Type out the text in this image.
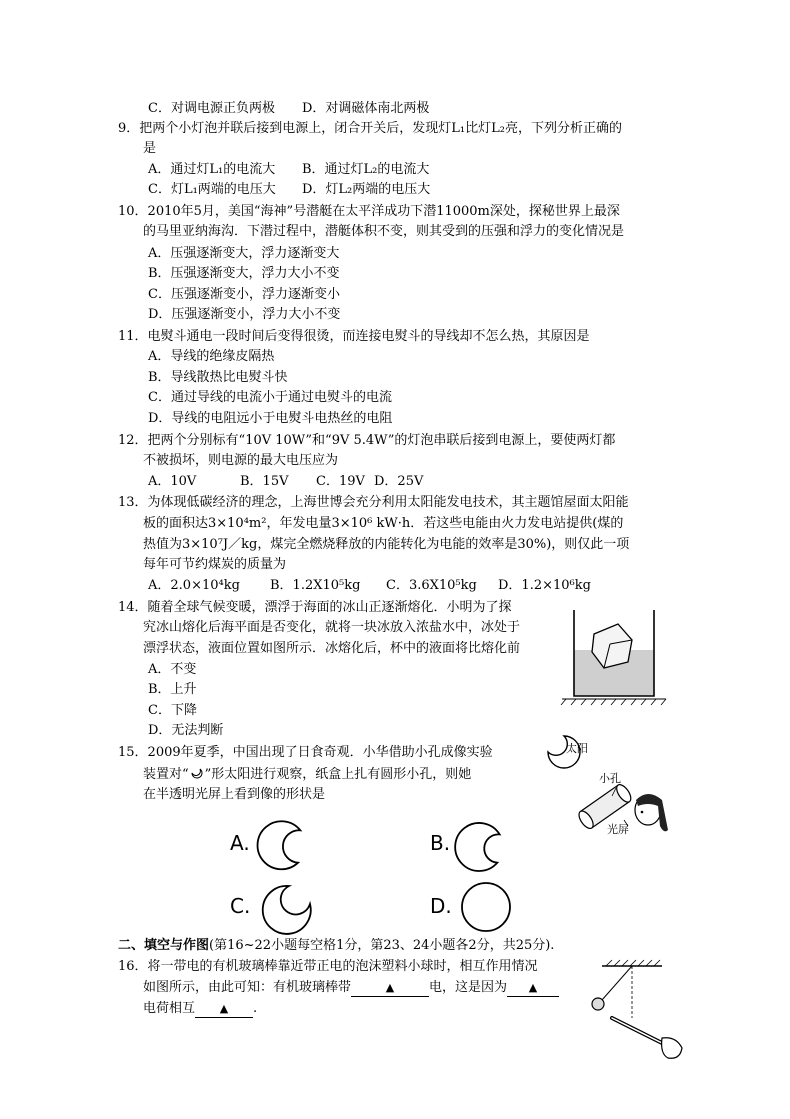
C．对调电源正负两极 D．对调磁体南北两极
9．把两个小灯泡并联后接到电源上，闭合开关后，发现灯L₁比灯L₂亮，下列分析正确的
是
A．通过灯L₁的电流大 B．通过灯L₂的电流大
C．灯L₁两端的电压大 D．灯L₂两端的电压大
10．2010年5月，美国“海神”号潜艇在太平洋成功下潜11000m深处，探秘世界上最深
的马里亚纳海沟．下潜过程中，潜艇体积不变，则其受到的压强和浮力的变化情况是
A．压强逐渐变大，浮力逐渐变大
B．压强逐渐变大，浮力大小不变
C．压强逐渐变小，浮力逐渐变小
D．压强逐渐变小，浮力大小不变
11．电熨斗通电一段时间后变得很烫，而连接电熨斗的导线却不怎么热，其原因是
A．导线的绝缘皮隔热
B．导线散热比电熨斗快
C．通过导线的电流小于通过电熨斗的电流
D．导线的电阻远小于电熨斗电热丝的电阻
12．把两个分别标有“10V 10W”和“9V 5.4W”的灯泡串联后接到电源上，要使两灯都
不被损坏，则电源的最大电压应为
A．10V	B．15V C．19V D．25V
13．为体现低碳经济的理念，上海世博会充分利用太阳能发电技术，其主题馆屋面太阳能
板的面积达3×10⁴m²，年发电量3×10⁶ kW·h．若这些电能由火力发电站提供(煤的
热值为3×10⁷J／kg，煤完全燃烧释放的内能转化为电能的效率是30%)，则仅此一项
每年可节约煤炭的质量为
A．2.0×10⁴kg B．1.2X10⁵kg C．3.6X10⁵kg D．1.2×10⁶kg
14．随着全球气候变暖，漂浮于海面的冰山正逐渐熔化．小明为了探
究冰山熔化后海平面是否变化，就将一块冰放入浓盐水中，冰处于
漂浮状态，液面位置如图所示．冰熔化后，杯中的液面将比熔化前
A．不变
B．上升
C．下降
D．无法判断
15．2009年夏季，中国出现了日食奇观．小华借助小孔成像实验
装置对“ ”形太阳进行观察，纸盒上扎有圆形小孔，则她
在半透明光屏上看到像的形状是
太阳
小孔
光屏
A.	B.
C.	D.
二、填空与作图(第16~22小题每空格1分，第23、24小题各2分，共25分).
16．将一带电的有机玻璃棒靠近带正电的泡沫塑料小球时，相互作用情况
如图所示，由此可知：有机玻璃棒带	▲	电，这是因为 ▲
电荷相互 ▲ .
